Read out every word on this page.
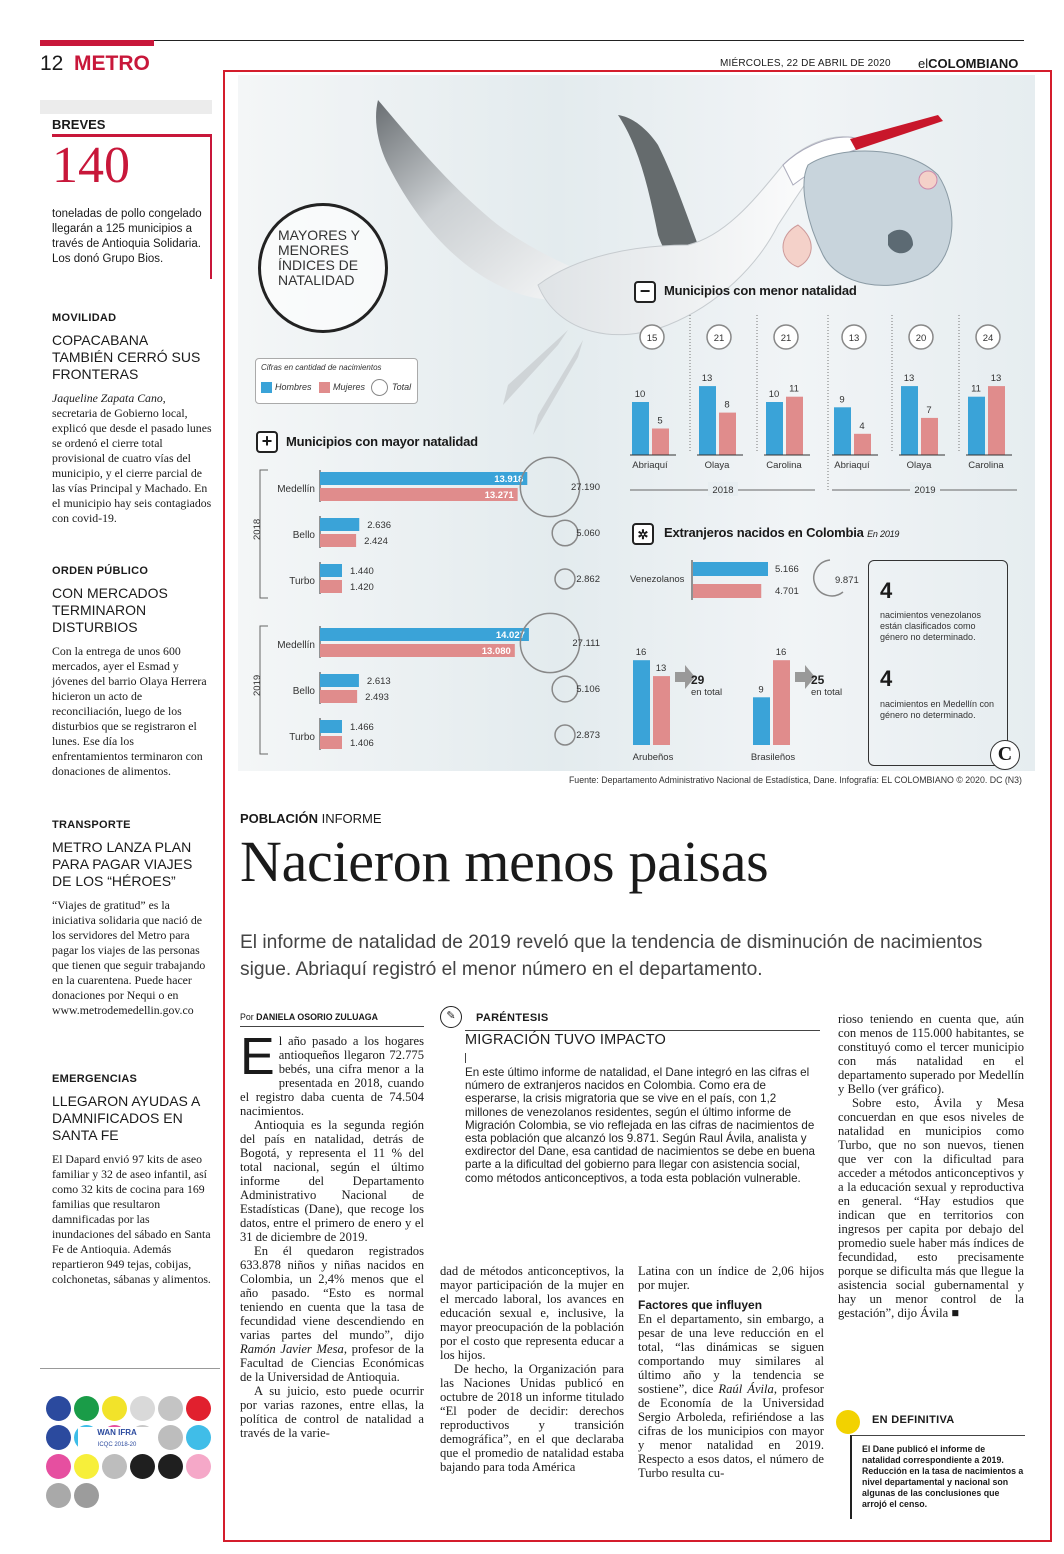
12 METRO	MIÉRCOLES, 22 DE ABRIL DE 2020 elCOLOMBIANO
BREVES
140
toneladas de pollo congelado llegarán a 125 municipios a través de Antioquia Solidaria. Los donó Grupo Bios.
MOVILIDAD
COPACABANA TAMBIÉN CERRÓ SUS FRONTERAS
Jaqueline Zapata Cano, secretaria de Gobierno local, explicó que desde el pasado lunes se ordenó el cierre total provisional de cuatro vías del municipio, y el cierre parcial de las vías Principal y Machado. En el municipio hay seis contagiados con covid-19.
ORDEN PÚBLICO
CON MERCADOS TERMINARON DISTURBIOS
Con la entrega de unos 600 mercados, ayer el Esmad y jóvenes del barrio Olaya Herrera hicieron un acto de reconciliación, luego de los disturbios que se registraron el lunes. Ese día los enfrentamientos terminaron con donaciones de alimentos.
TRANSPORTE
METRO LANZA PLAN PARA PAGAR VIAJES DE LOS “HÉROES”
“Viajes de gratitud” es la iniciativa solidaria que nació de los servidores del Metro para pagar los viajes de las personas que tienen que seguir trabajando en la cuarentena. Puede hacer donaciones por Nequi o en www.metrodemedellin.gov.co
EMERGENCIAS
LLEGARON AYUDAS A DAMNIFICADOS EN SANTA FE
El Dapard envió 97 kits de aseo familiar y 32 de aseo infantil, así como 32 kits de cocina para 169 familias que resultaron damnificadas por las inundaciones del sábado en Santa Fe de Antioquia. Además repartieron 949 tejas, cobijas, colchonetas, sábanas y alimentos.
WAN IFRA
ICQC 2018-20
MAYORES Y MENORES ÍNDICES DE NATALIDAD
Cifras en cantidad de nacimientos
Hombres Mujeres	Total
+	Municipios con mayor natalidad
2018
Medellín
13.918
13.271
27.190
Bello
2.636
2.424
5.060
Turbo
1.440
1.420
2.862
2019
Medellín
14.027
13.080
27.111
Bello
2.613
2.493
5.106
Turbo
1.466
1.406
2.873
−	Municipios con menor natalidad
15
10
5
Abriaquí
21
13
8
Olaya
21
10 11
Carolina
2018
13
9
4
Abriaquí
20
13
7
Olaya
24
11
13
Carolina
2019
✲	Extranjeros nacidos en Colombia En 2019
Venezolanos
5.166
4.701
9.871
Arubeños
16
13
29
en total
Brasileños
9
16
25
en total
4
nacimientos venezolanos están clasificados como género no determinado.
4
nacimientos en Medellín con género no determinado.
C
Fuente: Departamento Administrativo Nacional de Estadística, Dane. Infografía: EL COLOMBIANO © 2020. DC (N3)
POBLACIÓN INFORME
Nacieron menos paisas
El informe de natalidad de 2019 reveló que la tendencia de disminución de nacimientos sigue. Abriaquí registró el menor número en el departamento.
Por DANIELA OSORIO ZULUAGA

El año pasado a los hogares antioqueños llegaron 72.775 bebés, una cifra menor a la presentada en 2018, cuando el registro daba cuenta de 74.504 nacimientos.

Antioquia es la segunda región del país en natalidad, detrás de Bogotá, y representa el 11 % del total nacional, según el último informe del Departamento Administrativo Nacional de Estadísticas (Dane), que recoge los datos, entre el primero de enero y el 31 de diciembre de 2019.

En él quedaron registrados 633.878 niños y niñas nacidos en Colombia, un 2,4% menos que el año pasado. “Esto es normal teniendo en cuenta que la tasa de fecundidad viene descendiendo en varias partes del mundo”, dijo Ramón Javier Mesa, profesor de la Facultad de Ciencias Económicas de la Universidad de Antioquia.

A su juicio, esto puede ocurrir por varias razones, entre ellas, la política de control de natalidad a través de la varie-

✎	PARÉNTESIS
MIGRACIÓN TUVO IMPACTO
En este último informe de natalidad, el Dane integró en las cifras el número de extranjeros nacidos en Colombia. Como era de esperarse, la crisis migratoria que se vive en el país, con 1,2 millones de venezolanos residentes, según el último informe de Migración Colombia, se vio reflejada en las cifras de nacimientos de esta población que alcanzó los 9.871. Según Raul Ávila, analista y exdirector del Dane, esa cantidad de nacimientos se debe en buena parte a la dificultad del gobierno para llegar con asistencia social, como métodos anticonceptivos, a toda esta población vulnerable.

dad de métodos anticonceptivos, la mayor participación de la mujer en el mercado laboral, los avances en educación sexual e, inclusive, la mayor preocupación de la población por el costo que representa educar a los hijos.

De hecho, la Organización para las Naciones Unidas publicó en octubre de 2018 un informe titulado “El poder de decidir: derechos reproductivos y transición demográfica”, en el que declaraba que el promedio de natalidad estaba bajando para toda América

Latina con un índice de 2,06 hijos por mujer.

Factores que influyen

En el departamento, sin embargo, a pesar de una leve reducción en el total, “las dinámicas se siguen comportando muy similares al último año y la tendencia se sostiene”, dice Raúl Ávila, profesor de Economía de la Universidad Sergio Arboleda, refiriéndose a las cifras de los municipios con mayor y menor natalidad en 2019. Respecto a esos datos, el número de Turbo resulta cu-

rioso teniendo en cuenta que, aún con menos de 115.000 habitantes, se constituyó como el tercer municipio con más natalidad en el departamento superado por Medellín y Bello (ver gráfico).

Sobre esto, Ávila y Mesa concuerdan en que esos niveles de natalidad en municipios como Turbo, que no son nuevos, tienen que ver con la dificultad para acceder a métodos anticonceptivos y a la educación sexual y reproductiva en general. “Hay estudios que indican que en territorios con ingresos per capita por debajo del promedio suele haber más índices de fecundidad, esto precisamente porque se dificulta más que llegue la asistencia social gubernamental y hay un menor control de la gestación”, dijo Ávila ■

EN DEFINITIVA
El Dane publicó el informe de natalidad correspondiente a 2019. Reducción en la tasa de nacimientos a nivel departamental y nacional son algunas de las conclusiones que arrojó el censo.
